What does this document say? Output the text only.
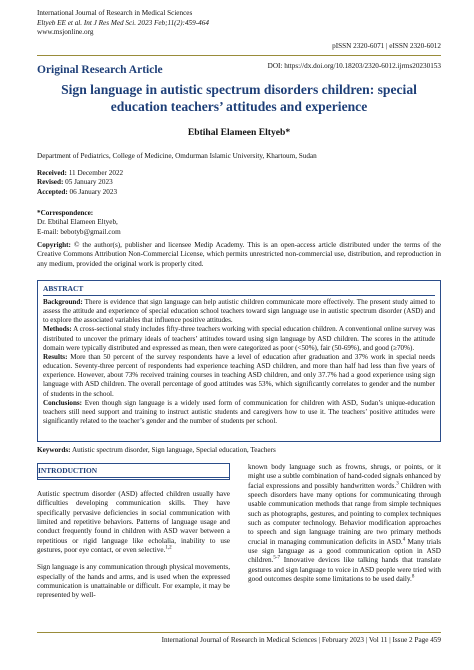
International Journal of Research in Medical Sciences
Eltyeb EE et al. Int J Res Med Sci. 2023 Feb;11(2):459-464
www.msjonline.org
pISSN 2320-6071 | eISSN 2320-6012
Original Research Article	DOI: https://dx.doi.org/10.18203/2320-6012.ijrms20230153
Sign language in autistic spectrum disorders children: special
education teachers’ attitudes and experience
Ebtihal Elameen Eltyeb*
Department of Pediatrics, College of Medicine, Omdurman Islamic University, Khartoum, Sudan
Received: 11 December 2022
Revised: 05 January 2023
Accepted: 06 January 2023
*Correspondence:
Dr. Ebtihal Elameen Eltyeb,
E-mail: bebotyb@gmail.com
Copyright: © the author(s), publisher and licensee Medip Academy. This is an open-access article distributed under the terms of the Creative Commons Attribution Non-Commercial License, which permits unrestricted non-commercial use, distribution, and reproduction in any medium, provided the original work is properly cited.
ABSTRACT

Background: There is evidence that sign language can help autistic children communicate more effectively. The present study aimed to assess the attitude and experience of special education school teachers toward sign language use in autistic spectrum disorder (ASD) and to explore the associated variables that influence positive attitudes.

Methods: A cross-sectional study includes fifty-three teachers working with special education children. A conventional online survey was distributed to uncover the primary ideals of teachers’ attitudes toward using sign language by ASD children. The scores in the attitude domain were typically distributed and expressed as mean, then were categorized as poor (<50%), fair (50-69%), and good (≥70%).

Results: More than 50 percent of the survey respondents have a level of education after graduation and 37% work in special needs education. Seventy-three percent of respondents had experience teaching ASD children, and more than half had less than five years of experience. However, about 73% received training courses in teaching ASD children, and only 37.7% had a good experience using sign language with ASD children. The overall percentage of good attitudes was 53%, which significantly correlates to gender and the number of students in the school.

Conclusions: Even though sign language is a widely used form of communication for children with ASD, Sudan’s unique-education teachers still need support and training to instruct autistic students and caregivers how to use it. The teachers’ positive attitudes were significantly related to the teacher’s gender and the number of students per school.

Keywords: Autistic spectrum disorder, Sign language, Special education, Teachers
INTRODUCTION

Autistic spectrum disorder (ASD) affected children usually have difficulties developing communication skills. They have specifically pervasive deficiencies in social communication with limited and repetitive behaviors. Patterns of language usage and conduct frequently found in children with ASD waver between a repetitious or rigid language like echolalia, inability to use gestures, poor eye contact, or even selective.$^{1,2}$

Sign language is any communication through physical movements, especially of the hands and arms, and is used when the expressed communication is unattainable or difficult. For example, it may be represented by well-

known body language such as frowns, shrugs, or points, or it might use a subtle combination of hand-coded signals enhanced by facial expressions and possibly handwritten words.$^3$ Children with speech disorders have many options for communicating through usable communication methods that range from simple techniques such as photographs, gestures, and pointing to complex techniques such as computer technology. Behavior modification approaches to speech and sign language training are two primary methods crucial in managing communication deficits in ASD.$^4$ Many trials use sign language as a good communication option in ASD children.$^{5-7}$ Innovative devices like talking hands that translate gestures and sign language to voice in ASD people were tried with good outcomes despite some limitations to be used daily.$^8$

International Journal of Research in Medical Sciences | February 2023 | Vol 11 | Issue 2 Page 459
